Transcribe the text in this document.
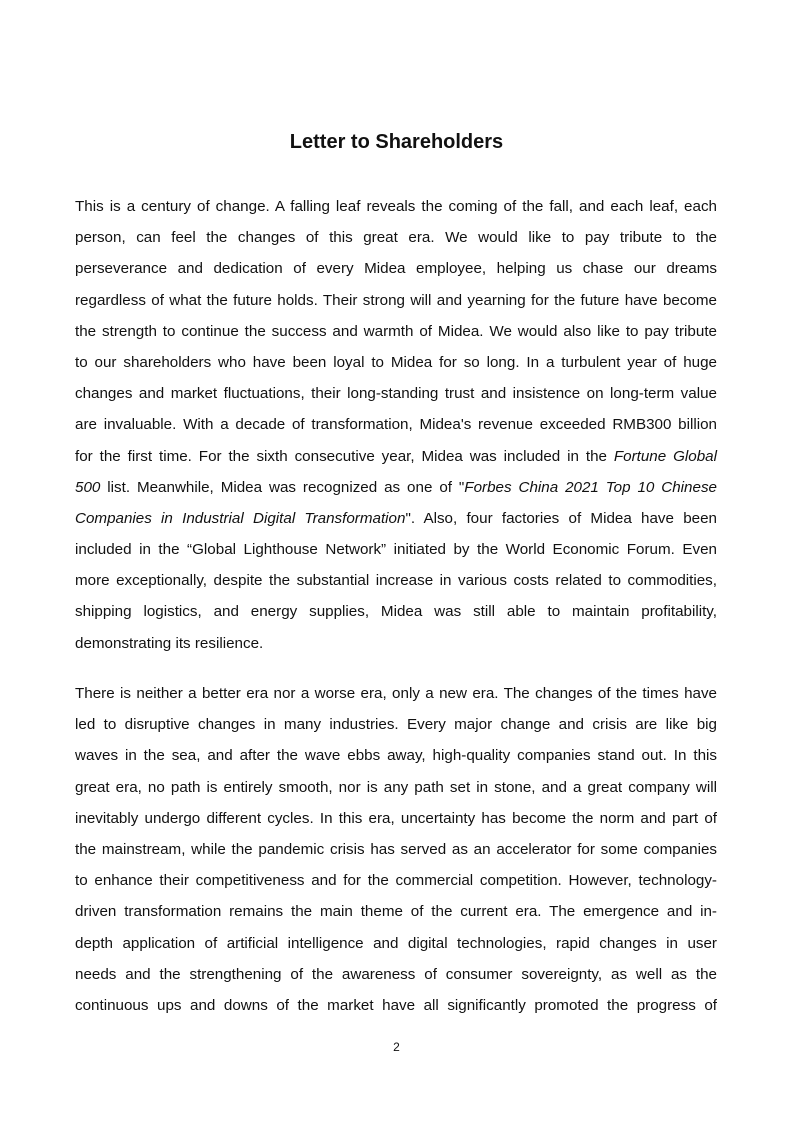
Letter to Shareholders
This is a century of change. A falling leaf reveals the coming of the fall, and each leaf, each
person, can feel the changes of this great era. We would like to pay tribute to the
perseverance and dedication of every Midea employee, helping us chase our dreams
regardless of what the future holds. Their strong will and yearning for the future have become
the strength to continue the success and warmth of Midea. We would also like to pay tribute
to our shareholders who have been loyal to Midea for so long. In a turbulent year of huge
changes and market fluctuations, their long-standing trust and insistence on long-term value
are invaluable. With a decade of transformation, Midea's revenue exceeded RMB300 billion
for the first time. For the sixth consecutive year, Midea was included in the Fortune Global
500 list. Meanwhile, Midea was recognized as one of "Forbes China 2021 Top 10 Chinese
Companies in Industrial Digital Transformation". Also, four factories of Midea have been
included in the “Global Lighthouse Network” initiated by the World Economic Forum. Even
more exceptionally, despite the substantial increase in various costs related to commodities,
shipping logistics, and energy supplies, Midea was still able to maintain profitability,
demonstrating its resilience.
There is neither a better era nor a worse era, only a new era. The changes of the times have
led to disruptive changes in many industries. Every major change and crisis are like big
waves in the sea, and after the wave ebbs away, high-quality companies stand out. In this
great era, no path is entirely smooth, nor is any path set in stone, and a great company will
inevitably undergo different cycles. In this era, uncertainty has become the norm and part of
the mainstream, while the pandemic crisis has served as an accelerator for some companies
to enhance their competitiveness and for the commercial competition. However, technology-
driven transformation remains the main theme of the current era. The emergence and in-
depth application of artificial intelligence and digital technologies, rapid changes in user
needs and the strengthening of the awareness of consumer sovereignty, as well as the
continuous ups and downs of the market have all significantly promoted the progress of
2
